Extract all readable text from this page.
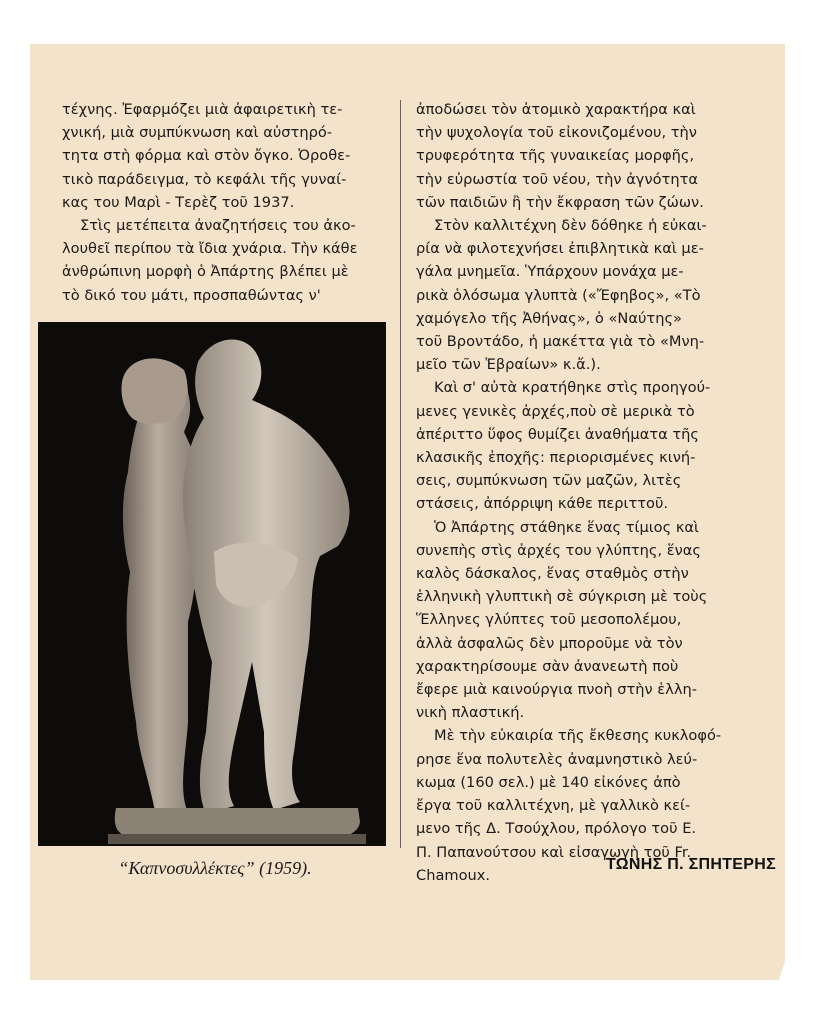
τέχνης. Ἐφαρμόζει μιὰ ἀφαιρετικὴ τε-
χνική, μιὰ συμπύκνωση καὶ αὐστηρό-
τητα στὴ φόρμα καὶ στὸν ὄγκο. Ὀροθε-
τικὸ παράδειγμα, τὸ κεφάλι τῆς γυναί-
κας του Μαρὶ - Τερὲζ τοῦ 1937.

Στὶς μετέπειτα ἀναζητήσεις του ἀκο-
λουθεῖ περίπου τὰ ἴδια χνάρια. Τὴν κάθε
ἀνθρώπινη μορφὴ ὁ Ἀπάρτης βλέπει μὲ
τὸ δικό του μάτι, προσπαθώντας ν'

“Καπνοσυλλέκτες” (1959).

ἀποδώσει τὸν ἀτομικὸ χαρακτήρα καὶ
τὴν ψυχολογία τοῦ εἰκονιζομένου, τὴν
τρυφερότητα τῆς γυναικείας μορφῆς,
τὴν εὐρωστία τοῦ νέου, τὴν ἀγνότητα
τῶν παιδιῶν ἢ τὴν ἔκφραση τῶν ζώων.

Στὸν καλλιτέχνη δὲν δόθηκε ἡ εὐκαι-
ρία νὰ φιλοτεχνήσει ἐπιβλητικὰ καὶ με-
γάλα μνημεῖα. Ὑπάρχουν μονάχα με-
ρικὰ ὁλόσωμα γλυπτὰ («Ἔφηβος», «Τὸ
χαμόγελο τῆς Ἀθήνας», ὁ «Ναύτης»
τοῦ Βροντάδο, ἡ μακέττα γιὰ τὸ «Μνη-
μεῖο τῶν Ἑβραίων» κ.ἄ.).

Καὶ σ' αὐτὰ κρατήθηκε στὶς προηγού-
μενες γενικὲς ἀρχές,ποὺ σὲ μερικὰ τὸ
ἀπέριττο ὕφος θυμίζει ἀναθήματα τῆς
κλασικῆς ἐποχῆς: περιορισμένες κινή-
σεις, συμπύκνωση τῶν μαζῶν, λιτὲς
στάσεις, ἀπόρριψη κάθε περιττοῦ.

Ὁ Ἀπάρτης στάθηκε ἕνας τίμιος καὶ
συνεπὴς στὶς ἀρχές του γλύπτης, ἕνας
καλὸς δάσκαλος, ἕνας σταθμὸς στὴν
ἑλληνικὴ γλυπτικὴ σὲ σύγκριση μὲ τοὺς
Ἕλληνες γλύπτες τοῦ μεσοπολέμου,
ἀλλὰ ἀσφαλῶς δὲν μποροῦμε νὰ τὸν
χαρακτηρίσουμε σὰν ἀνανεωτὴ ποὺ
ἔφερε μιὰ καινούργια πνοὴ στὴν ἑλλη-
νικὴ πλαστική.

Μὲ τὴν εὐκαιρία τῆς ἔκθεσης κυκλοφό-
ρησε ἕνα πολυτελὲς ἀναμνηστικὸ λεύ-
κωμα (160 σελ.) μὲ 140 εἰκόνες ἀπὸ
ἔργα τοῦ καλλιτέχνη, μὲ γαλλικὸ κεί-
μενο τῆς Δ. Τσούχλου, πρόλογο τοῦ Ε.
Π. Παπανούτσου καὶ εἰσαγωγὴ τοῦ Fr.
Chamoux.

ΤΩΝΗΣ Π. ΣΠΗΤΕΡΗΣ
